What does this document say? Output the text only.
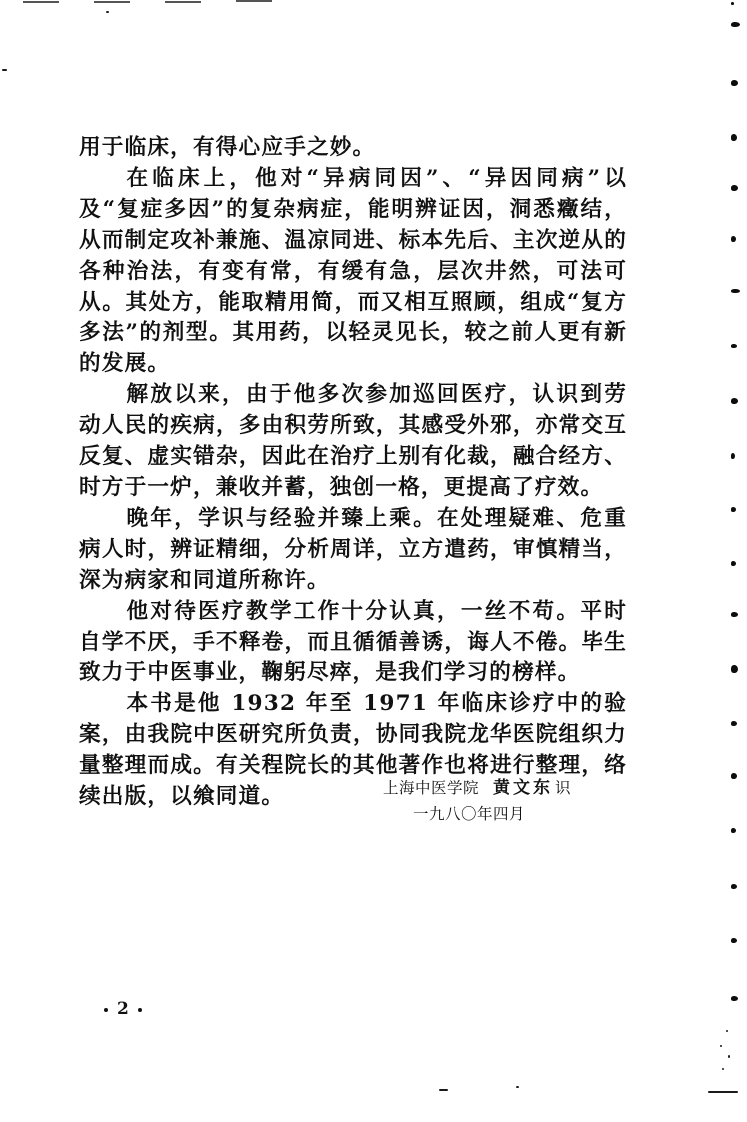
用于临床，有得心应手之妙。

在临床上，他对“异病同因”、“异因同病”以及“复症多因”的复杂病症，能明辨证因，洞悉癥结，从而制定攻补兼施、温凉同进、标本先后、主次逆从的各种治法，有变有常，有缓有急，层次井然，可法可从。其处方，能取精用简，而又相互照顾，组成“复方多法”的剂型。其用药，以轻灵见长，较之前人更有新的发展。

解放以来，由于他多次参加巡回医疗，认识到劳动人民的疾病，多由积劳所致，其感受外邪，亦常交互反复、虚实错杂，因此在治疗上别有化裁，融合经方、时方于一炉，兼收并蓄，独创一格，更提高了疗效。

晚年，学识与经验并臻上乘。在处理疑难、危重病人时，辨证精细，分析周详，立方遣药，审慎精当，深为病家和同道所称许。

他对待医疗教学工作十分认真，一丝不苟。平时自学不厌，手不释卷，而且循循善诱，诲人不倦。毕生致力于中医事业，鞠躬尽瘁，是我们学习的榜样。

本书是他 1932 年至 1971 年临床诊疗中的验案，由我院中医研究所负责，协同我院龙华医院组织力量整理而成。有关程院长的其他著作也将进行整理，络续出版，以飨同道。	上海中医学院 黄文东 识
一九八〇年四月
2
